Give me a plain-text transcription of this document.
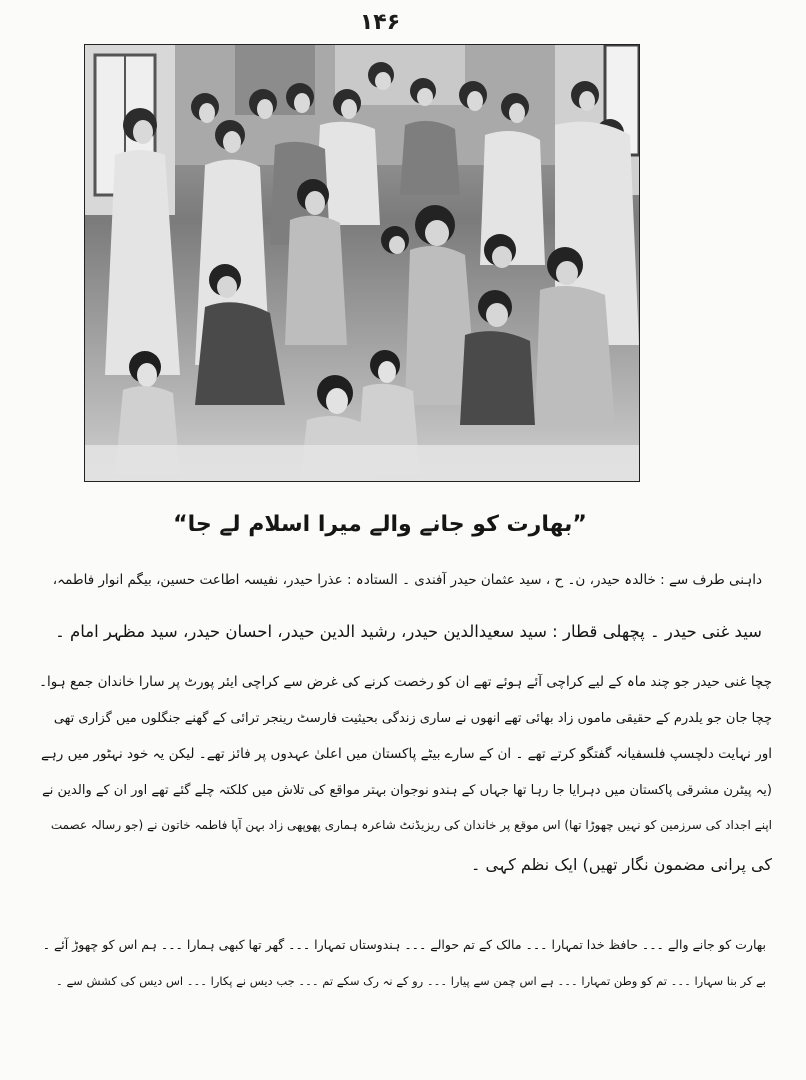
۱۴۶
”بھارت کو جانے والے میرا اسلام لے جا“
داہنی طرف سے : خالدہ حیدر، ن۔ ح ، سید عثمان حیدر آفندی ۔ الستادہ : عذرا حیدر، نفیسہ اطاعت حسین، بیگم انوار فاطمہ،
سید غنی حیدر ۔ پچھلی قطار : سید سعیدالدین حیدر، رشید الدین حیدر، احسان حیدر، سید مظہر امام ۔
چچا غنی حیدر جو چند ماہ کے لیے کراچی آئے ہوئے تھے ان کو رخصت کرنے کی غرض سے کراچی ایئر پورٹ پر سارا خاندان جمع ہوا۔
چچا جان جو یلدرم کے حقیقی ماموں زاد بھائی تھے انھوں نے ساری زندگی بحیثیت فارسٹ رینجر ترائی کے گھنے جنگلوں میں گزاری تھی
اور نہایت دلچسپ فلسفیانہ گفتگو کرتے تھے ۔ ان کے سارے بیٹے پاکستان میں اعلیٰ عہدوں پر فائز تھے۔ لیکن یہ خود نہٹور میں رہے
(یہ پیٹرن مشرقی پاکستان میں دہرایا جا رہا تھا جہاں کے ہندو نوجوان بہتر مواقع کی تلاش میں کلکتہ چلے گئے تھے اور ان کے والدین نے
اپنے اجداد کی سرزمین کو نہیں چھوڑا تھا) اس موقع پر خاندان کی ریزیڈنٹ شاعرہ ہماری پھوپھی زاد بہن آپا فاطمہ خاتون نے (جو رسالہ عصمت
کی پرانی مضمون نگار تھیں) ایک نظم کہی ۔
بھارت کو جانے والے ۔۔۔ حافظ خدا تمہارا ۔۔۔ مالک کے تم حوالے ۔۔۔ ہندوستاں تمہارا ۔۔۔ گھر تھا کبھی ہمارا ۔۔۔ ہم اس کو چھوڑ آئے ۔
بے کر بنا سہارا ۔۔۔ تم کو وطن تمہارا ۔۔۔ ہے اس چمن سے پیارا ۔۔۔ رو کے نہ رک سکے تم ۔۔۔ جب دیس نے پکارا ۔۔۔ اس دیس کی کشش سے ۔
